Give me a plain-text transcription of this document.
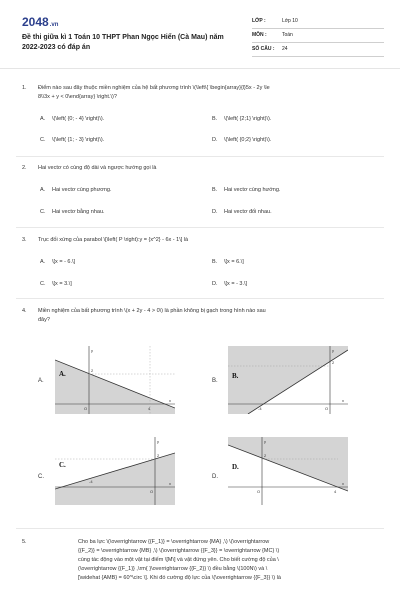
2048.vn
Đề thi giữa kì 1 Toán 10 THPT Phan Ngọc Hiển (Cà Mau) năm 2022-2023 có đáp án
LỚP :	Lớp 10
MÔN :	Toán
SỐ CÂU : 24
1. Điểm nào sau đây thuộc miền nghiệm của hệ bất phương trình \(\left\{ \begin{array}{l}5x - 2y \le
8\\3x + y < 0\end{array} \right.\)?
A. \(\left( {0; - 4} \right)\).	B. \(\left( {2;1} \right)\).
C. \(\left( {1; - 3} \right)\).	D. \(\left( {0;2} \right)\).
2. Hai vectơ có cùng độ dài và ngược hướng gọi là
A. Hai vectơ cùng phương.	B. Hai vectơ cùng hướng.
C. Hai vectơ bằng nhau.	D. Hai vectơ đối nhau.
3. Trục đối xứng của parabol \[\left( P \right):y = {x^2} - 6x - 1\] là
A. \[x = - 6.\]	B. \[x = 6.\]
C. \[x = 3.\]	D. \[x = - 3.\]
4. Miền nghiệm của bất phương trình \(x + 2y - 4 > 0\) là phần không bị gạch trong hình nào sau
đây?
A.
A.	2
4
y
x
O
B.
B.
2
-4
y
x
O
C.
C.
2
-4
y
x
O
D.
D.
2
4
y
x
O
5.	Cho ba lực \(\overrightarrow {{F_1}} = \overrightarrow {MA} ,\) \(\overrightarrow
{{F_2}} = \overrightarrow {MB} ,\) \(\overrightarrow {{F_3}} = \overrightarrow {MC} \)
cùng tác động vào một vật tại điểm \[M\] và vật đứng yên. Cho biết cường độ của \
(\overrightarrow {{F_1}} ,\rm{ }\overrightarrow {{F_2}} \) đều bằng \(100N\) và \
[\widehat {AMB} = 60^\circ \]. Khi đó cường độ lực của \(\overrightarrow {{F_3}} \) là
